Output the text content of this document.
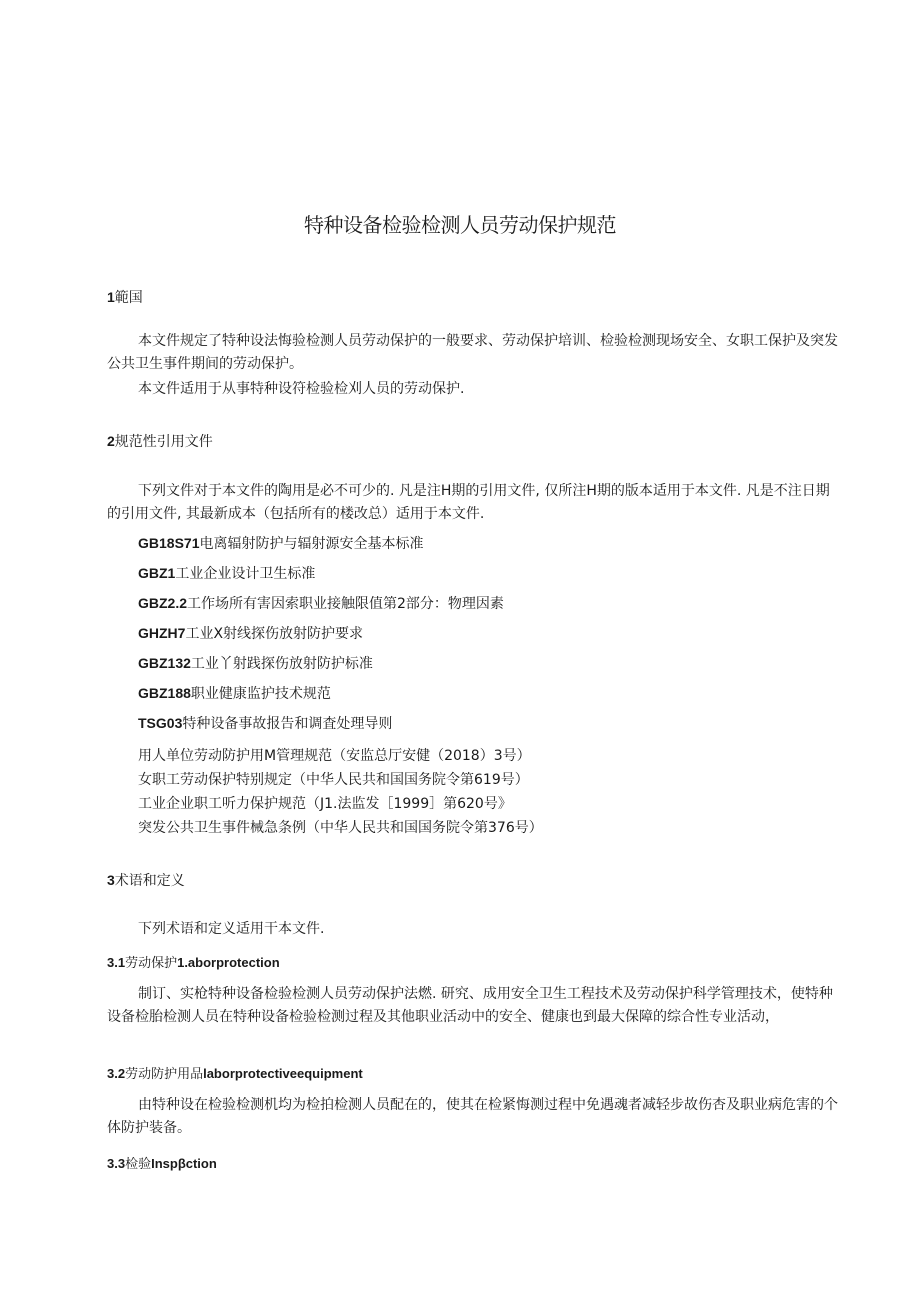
特种设备检验检测人员劳动保护规范
1範国

本文件规定了特种设法悔验检测人员劳动保护的一般要求、劳动保护培训、检验检测现场安全、女职工保护及突发公共卫生事件期间的劳动保护。

本文件适用于从事特种设符检验检刈人员的劳动保护.

2规范性引用文件

下列文件对于本文件的陶用是必不可少的. 凡是注H期的引用文件, 仅所注H期的版本适用于本文件. 凡是不注日期的引用文件, 其最新成本（包括所有的楼改总）适用于本文件.

GB18S71电离辐射防护与辐射源安全基本标准
GBZ1工业企业设计卫生标准
GBZ2.2工作场所有害因索职业接触限值第2部分：物理因素
GHZH7工业X射线探伤放射防护要求
GBZ132工业丫射践探伤放射防护标准
GBZ188职业健康监护技术规范
TSG03特种设备事故报告和调査处理导则
用人单位劳动防护用M管理规范（安监总厅安健（2018）3号）
女职工劳动保护特别规定（中华人民共和国国务院令第619号）
工业企业职工听力保护规范（J1.法监发［1999］第620号》
突发公共卫生事件械急条例（中华人民共和国国务院令第376号）
3术语和定义

下列术语和定义适用干本文件.

3.1劳动保护1.aborprotection

制订、实枪特种设备检验检测人员劳动保护法燃. 研究、成用安全卫生工程技术及劳动保护科学管理技术，使特种设备检胎检测人员在特种设备检验检测过程及其他职业活动中的安全、健康也到最大保障的综合性专业活动，

3.2劳动防护用品laborprotectiveequipment

由特种设在检验检测机均为检拍检测人员配在的，使其在检紧悔测过程中免遇魂者减轻步故伤杏及职业病危害的个体防护装备。

3.3检验Inspβction
